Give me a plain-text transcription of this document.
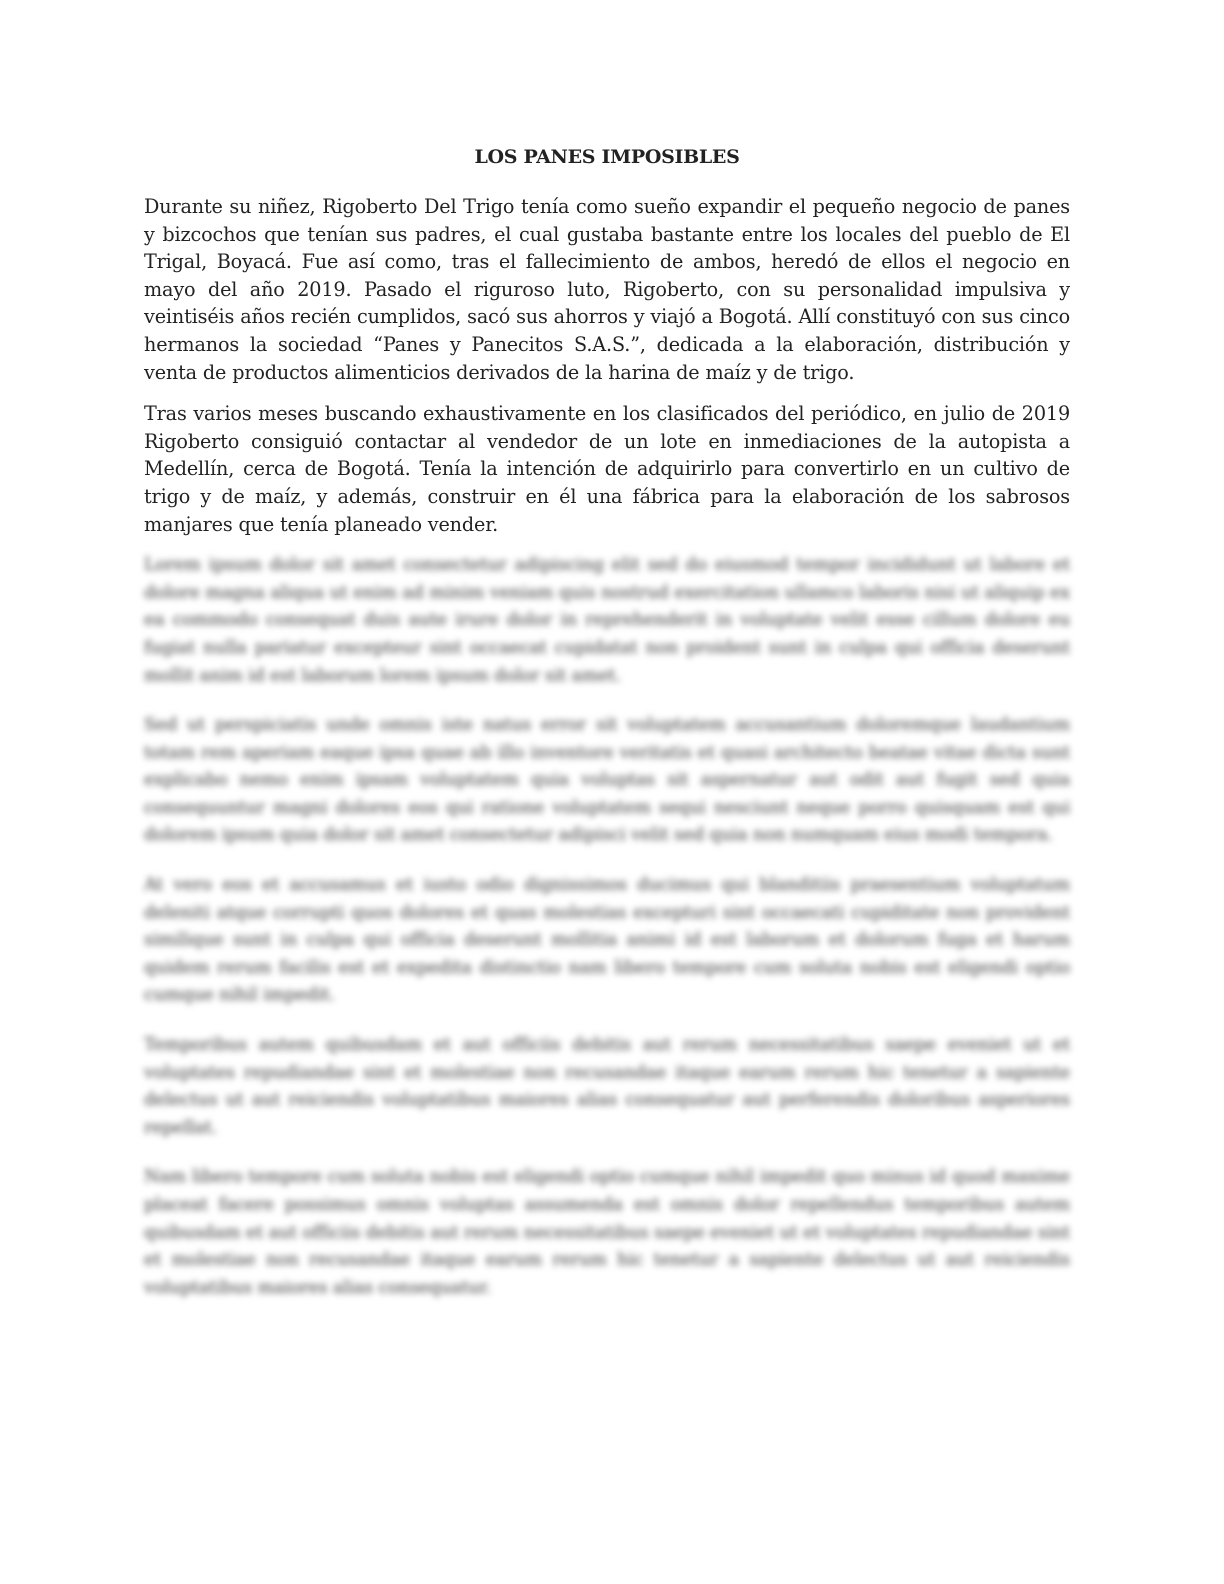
LOS PANES IMPOSIBLES

Durante su niñez, Rigoberto Del Trigo tenía como sueño expandir el pequeño negocio de panes y bizcochos que tenían sus padres, el cual gustaba bastante entre los locales del pueblo de El Trigal, Boyacá. Fue así como, tras el fallecimiento de ambos, heredó de ellos el negocio en mayo del año 2019. Pasado el riguroso luto, Rigoberto, con su personalidad impulsiva y veintiséis años recién cumplidos, sacó sus ahorros y viajó a Bogotá. Allí constituyó con sus cinco hermanos la sociedad “Panes y Panecitos S.A.S.”, dedicada a la elaboración, distribución y venta de productos alimenticios derivados de la harina de maíz y de trigo.

Tras varios meses buscando exhaustivamente en los clasificados del periódico, en julio de 2019 Rigoberto consiguió contactar al vendedor de un lote en inmediaciones de la autopista a Medellín, cerca de Bogotá. Tenía la intención de adquirirlo para convertirlo en un cultivo de trigo y de maíz, y además, construir en él una fábrica para la elaboración de los sabrosos manjares que tenía planeado vender.

Lorem ipsum dolor sit amet consectetur adipiscing elit sed do eiusmod tempor incididunt ut labore et dolore magna aliqua ut enim ad minim veniam quis nostrud exercitation ullamco laboris nisi ut aliquip ex ea commodo consequat duis aute irure dolor in reprehenderit in voluptate velit esse cillum dolore eu fugiat nulla pariatur excepteur sint occaecat cupidatat non proident sunt in culpa qui officia deserunt mollit anim id est laborum lorem ipsum dolor sit amet.
Sed ut perspiciatis unde omnis iste natus error sit voluptatem accusantium doloremque laudantium totam rem aperiam eaque ipsa quae ab illo inventore veritatis et quasi architecto beatae vitae dicta sunt explicabo nemo enim ipsam voluptatem quia voluptas sit aspernatur aut odit aut fugit sed quia consequuntur magni dolores eos qui ratione voluptatem sequi nesciunt neque porro quisquam est qui dolorem ipsum quia dolor sit amet consectetur adipisci velit sed quia non numquam eius modi tempora.
At vero eos et accusamus et iusto odio dignissimos ducimus qui blanditiis praesentium voluptatum deleniti atque corrupti quos dolores et quas molestias excepturi sint occaecati cupiditate non provident similique sunt in culpa qui officia deserunt mollitia animi id est laborum et dolorum fuga et harum quidem rerum facilis est et expedita distinctio nam libero tempore cum soluta nobis est eligendi optio cumque nihil impedit.
Temporibus autem quibusdam et aut officiis debitis aut rerum necessitatibus saepe eveniet ut et voluptates repudiandae sint et molestiae non recusandae itaque earum rerum hic tenetur a sapiente delectus ut aut reiciendis voluptatibus maiores alias consequatur aut perferendis doloribus asperiores repellat.
Nam libero tempore cum soluta nobis est eligendi optio cumque nihil impedit quo minus id quod maxime placeat facere possimus omnis voluptas assumenda est omnis dolor repellendus temporibus autem quibusdam et aut officiis debitis aut rerum necessitatibus saepe eveniet ut et voluptates repudiandae sint et molestiae non recusandae itaque earum rerum hic tenetur a sapiente delectus ut aut reiciendis voluptatibus maiores alias consequatur.
